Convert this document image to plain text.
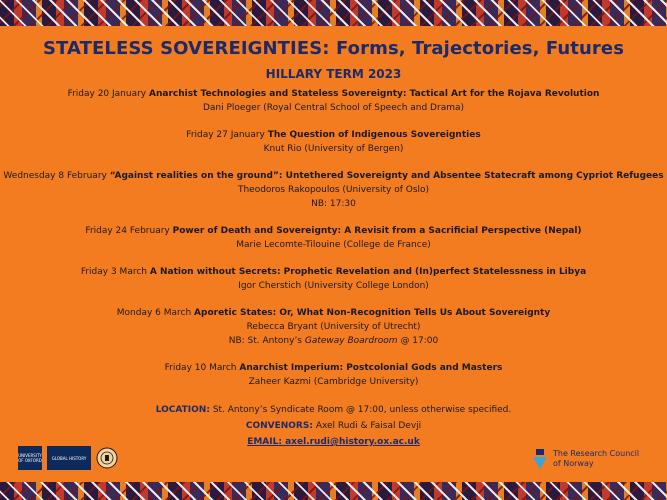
STATELESS SOVEREIGNTIES: Forms, Trajectories, Futures
HILLARY TERM 2023

Friday 20 January Anarchist Technologies and Stateless Sovereignty: Tactical Art for the Rojava Revolution

Dani Ploeger (Royal Central School of Speech and Drama)

Friday 27 January The Question of Indigenous Sovereignties

Knut Rio (University of Bergen)

Wednesday 8 February “Against realities on the ground”: Untethered Sovereignty and Absentee Statecraft among Cypriot Refugees

Theodoros Rakopoulos (University of Oslo)

NB: 17:30

Friday 24 February Power of Death and Sovereignty: A Revisit from a Sacrificial Perspective (Nepal)

Marie Lecomte-Tilouine (College de France)

Friday 3 March A Nation without Secrets: Prophetic Revelation and (In)perfect Statelessness in Libya

Igor Cherstich (University College London)

Monday 6 March Aporetic States: Or, What Non-Recognition Tells Us About Sovereignty

Rebecca Bryant (University of Utrecht)

NB: St. Antony’s Gateway Boardroom @ 17:00

Friday 10 March Anarchist Imperium: Postcolonial Gods and Masters

Zaheer Kazmi (Cambridge University)

LOCATION: St. Antony’s Syndicate Room @ 17:00, unless otherwise specified.

CONVENORS: Axel Rudi & Faisal Devji

EMAIL: axel.rudi@history.ox.ac.uk

UNIVERSITY OF OXFORD GLOBAL HISTORY	The Research Council
of Norway
